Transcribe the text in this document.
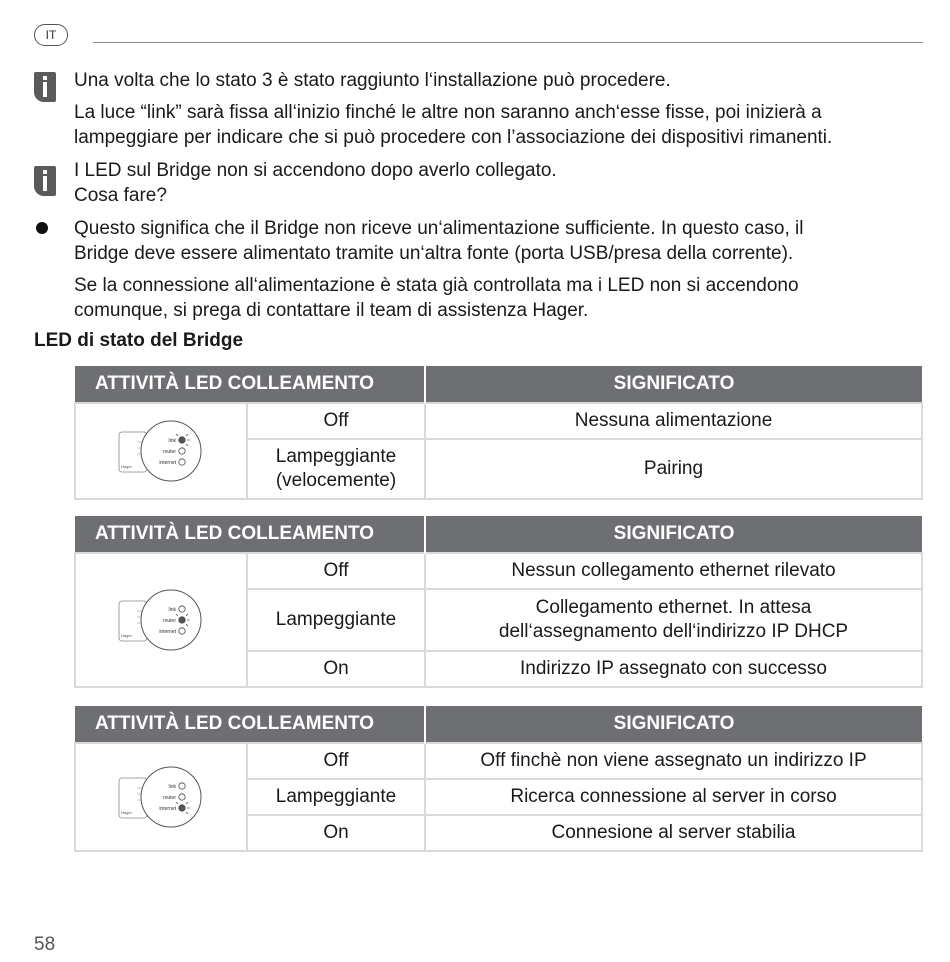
IT
Una volta che lo stato 3 è stato raggiunto l‘installazione può procedere.
La luce “link” sarà fissa all‘inizio finché le altre non saranno anch‘esse fisse, poi inizierà a
lampeggiare per indicare che si può procedere con l’associazione dei dispositivi rimanenti.
I LED sul Bridge non si accendono dopo averlo collegato.
Cosa fare?
Questo significa che il Bridge non riceve un‘alimentazione sufficiente. In questo caso, il
Bridge deve essere alimentato tramite un‘altra fonte (porta USB/presa della corrente).
Se la connessione all‘alimentazione è stata già controllata ma i LED non si accendono
comunque, si prega di contattare il team di assistenza Hager.
LED di stato del Bridge
ATTIVITÀ LED COLLEAMENTO		SIGNIFICATO

Hager
link
router
internet	Off	Nessuna alimentazione
	Lampeggiante (velocemente)	Pairing
ATTIVITÀ LED COLLEAMENTO		SIGNIFICATO

Hager
link
router
internet	Off	Nessun collegamento ethernet rilevato
	Lampeggiante	Collegamento ethernet. In attesa dell‘assegnamento dell‘indirizzo IP DHCP
	On	Indirizzo IP assegnato con successo
ATTIVITÀ LED COLLEAMENTO		SIGNIFICATO

Hager
link
router
internet	Off	Off finchè non viene assegnato un indirizzo IP
	Lampeggiante	Ricerca connessione al server in corso
	On	Connesione al server stabilia
58
